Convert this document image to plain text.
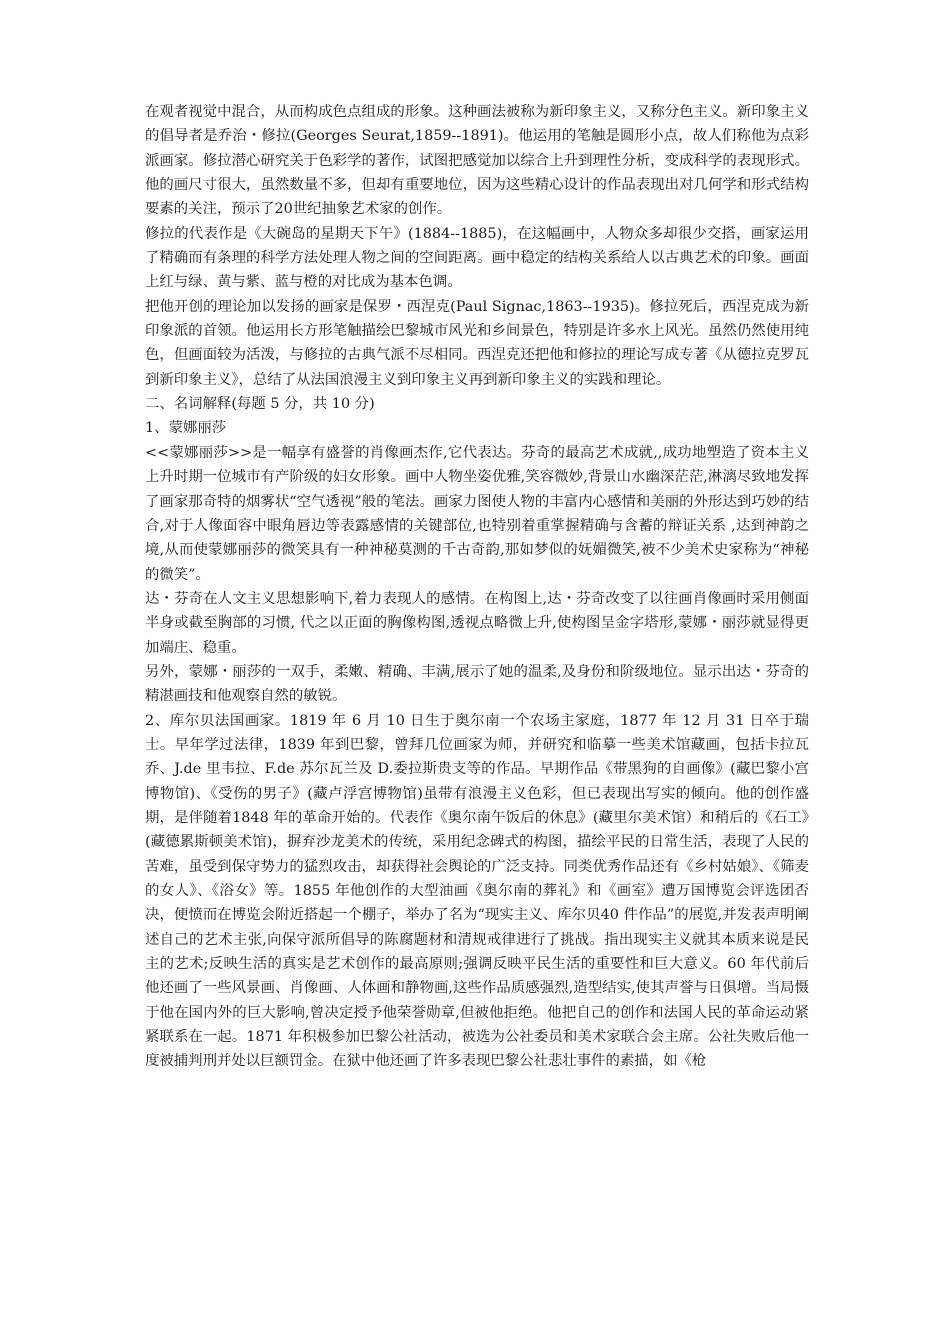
在观者视觉中混合，从而构成色点组成的形象。这种画法被称为新印象主义，又称分色主义。新印象主义的倡导者是乔治・修拉(Georges Seurat,1859--1891)。他运用的笔触是圆形小点，故人们称他为点彩派画家。修拉潜心研究关于色彩学的著作，试图把感觉加以综合上升到理性分析，变成科学的表现形式。他的画尺寸很大，虽然数量不多，但却有重要地位，因为这些精心设计的作品表现出对几何学和形式结构要素的关注，预示了20世纪抽象艺术家的创作。

修拉的代表作是《大碗岛的星期天下午》(1884--1885)，在这幅画中，人物众多却很少交搭，画家运用了精确而有条理的科学方法处理人物之间的空间距离。画中稳定的结构关系给人以古典艺术的印象。画面上红与绿、黄与紫、蓝与橙的对比成为基本色调。

把他开创的理论加以发扬的画家是保罗・西涅克(Paul Signac,1863--1935)。修拉死后，西涅克成为新印象派的首领。他运用长方形笔触描绘巴黎城市风光和乡间景色，特别是许多水上风光。虽然仍然使用纯色，但画面较为活泼，与修拉的古典气派不尽相同。西涅克还把他和修拉的理论写成专著《从德拉克罗瓦到新印象主义》，总结了从法国浪漫主义到印象主义再到新印象主义的实践和理论。

二、名词解释(每题 5 分，共 10 分)

1、蒙娜丽莎

<<蒙娜丽莎>>是一幅享有盛誉的肖像画杰作,它代表达。芬奇的最高艺术成就,,成功地塑造了资本主义上升时期一位城市有产阶级的妇女形象。画中人物坐姿优雅,笑容微妙,背景山水幽深茫茫,淋漓尽致地发挥了画家那奇特的烟雾状“空气透视”般的笔法。画家力图使人物的丰富内心感情和美丽的外形达到巧妙的结合,对于人像面容中眼角唇边等表露感情的关键部位,也特别着重掌握精确与含蓄的辩证关系 ,达到神韵之境,从而使蒙娜丽莎的微笑具有一种神秘莫测的千古奇韵,那如梦似的妩媚微笑,被不少美术史家称为“神秘的微笑”。

达・芬奇在人文主义思想影响下,着力表现人的感情。在构图上,达・芬奇改变了以往画肖像画时采用侧面半身或截至胸部的习惯, 代之以正面的胸像构图,透视点略微上升,使构图呈金字塔形,蒙娜・丽莎就显得更加端庄、稳重。

另外，蒙娜・丽莎的一双手，柔嫩、精确、丰满,展示了她的温柔,及身份和阶级地位。显示出达・芬奇的精湛画技和他观察自然的敏锐。

2、库尔贝法国画家。1819 年 6 月 10 日生于奥尔南一个农场主家庭，1877 年 12 月 31 日卒于瑞士。早年学过法律，1839 年到巴黎，曾拜几位画家为师，并研究和临摹一些美术馆藏画，包括卡拉瓦乔、J.de 里韦拉、F.de 苏尔瓦兰及 D.委拉斯贵支等的作品。早期作品《带黑狗的自画像》(藏巴黎小宫博物馆)、《受伤的男子》(藏卢浮宫博物馆)虽带有浪漫主义色彩，但已表现出写实的倾向。他的创作盛期，是伴随着1848 年的革命开始的。代表作《奥尔南午饭后的休息》(藏里尔美术馆）和稍后的《石工》(藏德累斯顿美术馆)，摒弃沙龙美术的传统，采用纪念碑式的构图，描绘平民的日常生活，表现了人民的苦难，虽受到保守势力的猛烈攻击，却获得社会舆论的广泛支持。同类优秀作品还有《乡村姑娘》、《筛麦的女人》、《浴女》等。1855 年他创作的大型油画《奥尔南的葬礼》和《画室》遭万国博览会评选团否决，便愤而在博览会附近搭起一个棚子，举办了名为“现实主义、库尔贝40 件作品”的展览,并发表声明阐述自己的艺术主张,向保守派所倡导的陈腐题材和清规戒律进行了挑战。指出现实主义就其本质来说是民主的艺术;反映生活的真实是艺术创作的最高原则;强调反映平民生活的重要性和巨大意义。60 年代前后他还画了一些风景画、肖像画、人体画和静物画,这些作品质感强烈,造型结实,使其声誉与日俱增。当局慑于他在国内外的巨大影响,曾决定授予他荣誉勋章,但被他拒绝。他把自己的创作和法国人民的革命运动紧紧联系在一起。1871 年积极参加巴黎公社活动，被选为公社委员和美术家联合会主席。公社失败后他一度被捕判刑并处以巨额罚金。在狱中他还画了许多表现巴黎公社悲壮事件的素描，如《枪
